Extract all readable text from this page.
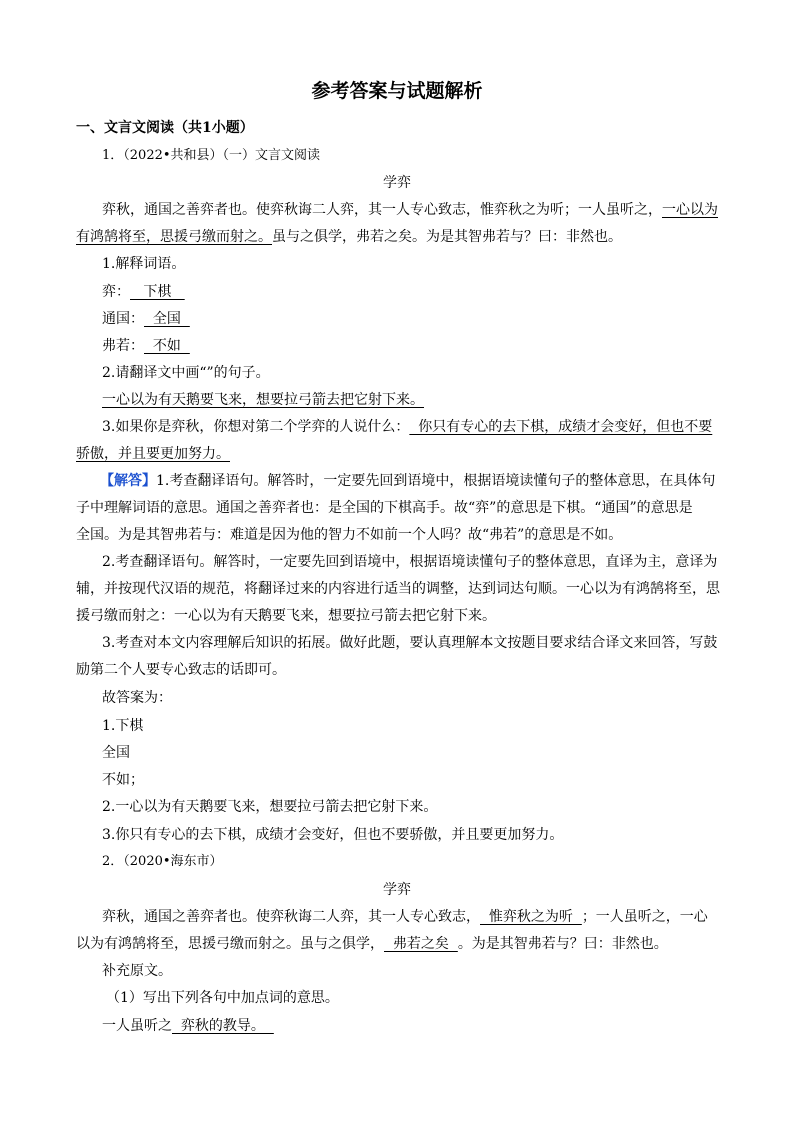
参考答案与试题解析
一、文言文阅读（共1小题）
1．（2022•共和县）（一）文言文阅读
学弈
弈秋，通国之善弈者也。使弈秋诲二人弈，其一人专心致志，惟弈秋之为听；一人虽听之，一心以为
有鸿鹄将至，思援弓缴而射之。虽与之俱学，弗若之矣。为是其智弗若与？曰：非然也。
1.解释词语。
弈：   下棋
通国：  全国
弗若：  不如
2.请翻译文中画“”的句子。
一心以为有天鹅要飞来，想要拉弓箭去把它射下来。
3.如果你是弈秋，你想对第二个学弈的人说什么：  你只有专心的去下棋，成绩才会变好，但也不要
骄傲，并且要更加努力。
【解答】1.考查翻译语句。解答时，一定要先回到语境中，根据语境读懂句子的整体意思，在具体句
子中理解词语的意思。通国之善弈者也：是全国的下棋高手。故“弈”的意思是下棋。“通国”的意思是
全国。为是其智弗若与：难道是因为他的智力不如前一个人吗？故“弗若”的意思是不如。
2.考查翻译语句。解答时，一定要先回到语境中，根据语境读懂句子的整体意思，直译为主，意译为
辅，并按现代汉语的规范，将翻译过来的内容进行适当的调整，达到词达句顺。一心以为有鸿鹄将至，思
援弓缴而射之：一心以为有天鹅要飞来，想要拉弓箭去把它射下来。
3.考查对本文内容理解后知识的拓展。做好此题，要认真理解本文按题目要求结合译文来回答，写鼓
励第二个人要专心致志的话即可。
故答案为：
1.下棋
全国
不如；
2.一心以为有天鹅要飞来，想要拉弓箭去把它射下来。
3.你只有专心的去下棋，成绩才会变好，但也不要骄傲，并且要更加努力。
2．（2020•海东市）
学弈
弈秋，通国之善弈者也。使弈秋诲二人弈，其一人专心致志，  惟弈秋之为听  ；一人虽听之，一心
以为有鸿鹄将至，思援弓缴而射之。虽与之俱学，  弗若之矣  。为是其智弗若与？曰：非然也。
补充原文。
（1）写出下列各句中加点词的意思。
一人虽听之  弈秋的教导。
